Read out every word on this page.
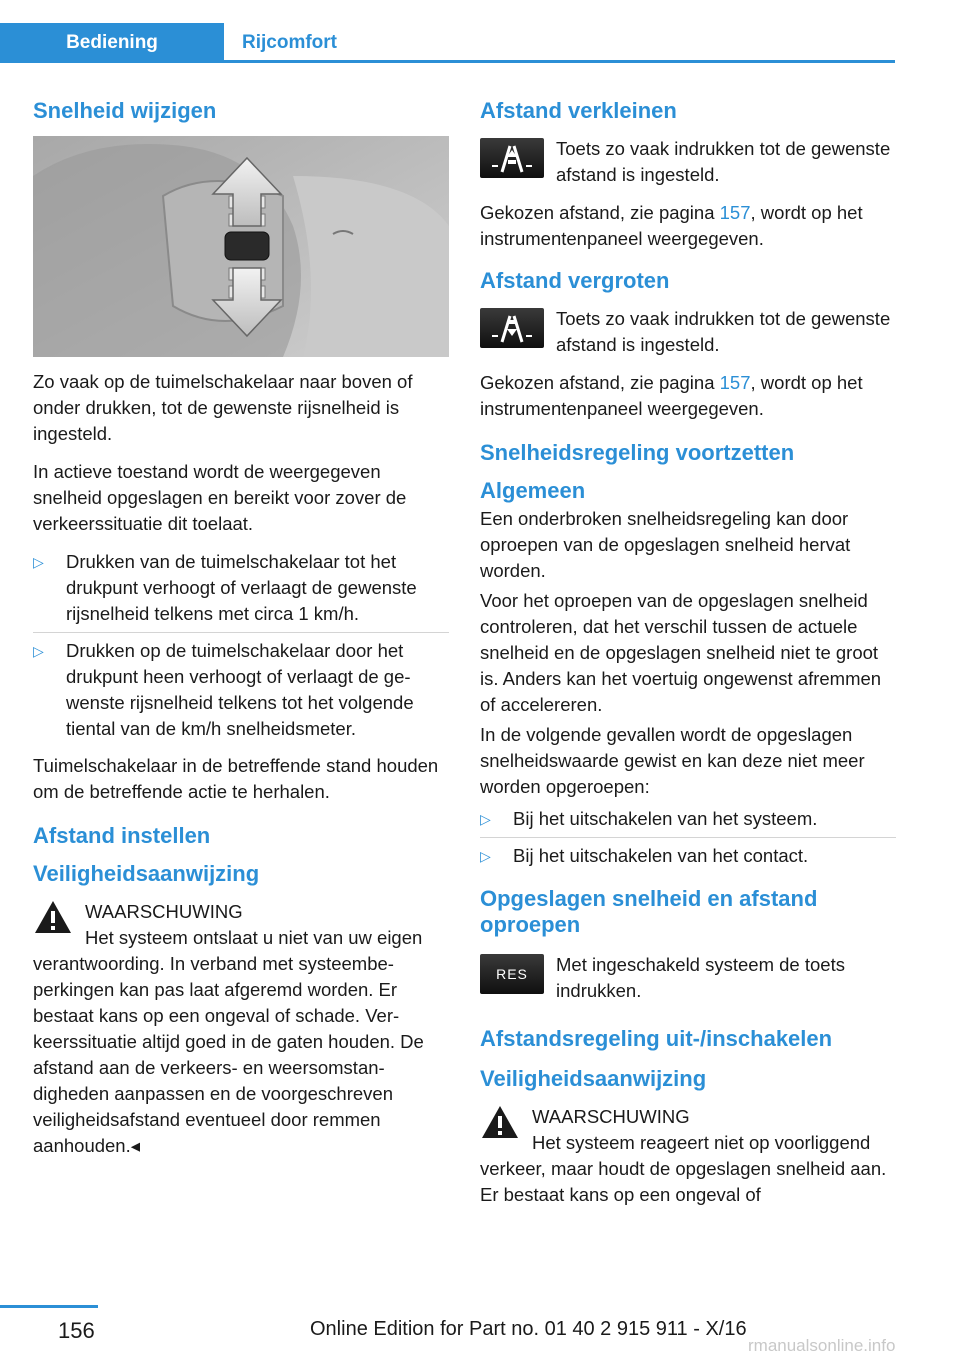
Bediening	Rijcomfort
Snelheid wijzigen

Zo vaak op de tuimelschakelaar naar boven of onder drukken, tot de gewenste rijsnelheid is ingesteld.

In actieve toestand wordt de weergegeven snelheid opgeslagen en bereikt voor zover de verkeerssituatie dit toelaat.

▷ Drukken van de tuimelschakelaar tot het drukpunt verhoogt of verlaagt de gewenste rijsnelheid telkens met circa 1 km/h.
▷ Drukken op de tuimelschakelaar door het drukpunt heen verhoogt of verlaagt de gewenste rijsnelheid telkens tot het volgende tiental van de km/h snelheidsmeter.

Tuimelschakelaar in de betreffende stand houden om de betreffende actie te herhalen.

Afstand instellen
Veiligheidsaanwijzing
WAARSCHUWING

Het systeem ontslaat u niet van uw eigen verantwoording. In verband met systeembeperkingen kan pas laat afgeremd worden. Er bestaat kans op een ongeval of schade. Verkeerssituatie altijd goed in de gaten houden. De afstand aan de verkeers- en weersomstandigheden aanpassen en de voorgeschreven veiligheidsafstand eventueel door remmen aanhouden.◂

Afstand verkleinen

Toets zo vaak indrukken tot de gewenste afstand is ingesteld.

Gekozen afstand, zie pagina 157, wordt op het instrumentenpaneel weergegeven.

Afstand vergroten

Toets zo vaak indrukken tot de gewenste afstand is ingesteld.

Gekozen afstand, zie pagina 157, wordt op het instrumentenpaneel weergegeven.

Snelheidsregeling voortzetten
Algemeen

Een onderbroken snelheidsregeling kan door oproepen van de opgeslagen snelheid hervat worden.

Voor het oproepen van de opgeslagen snelheid controleren, dat het verschil tussen de actuele snelheid en de opgeslagen snelheid niet te groot is. Anders kan het voertuig ongewenst afremmen of accelereren.

In de volgende gevallen wordt de opgeslagen snelheidswaarde gewist en kan deze niet meer worden opgeroepen:

▷ Bij het uitschakelen van het systeem.
▷ Bij het uitschakelen van het contact.
Opgeslagen snelheid en afstand oproepen
RES	Met ingeschakeld systeem de toets indrukken.

Afstandsregeling uit-/inschakelen
Veiligheidsaanwijzing
WAARSCHUWING

Het systeem reageert niet op voorliggend verkeer, maar houdt de opgeslagen snelheid aan. Er bestaat kans op een ongeval of

156	Online Edition for Part no. 01 40 2 915 911 - X/16
rmanualsonline.info
